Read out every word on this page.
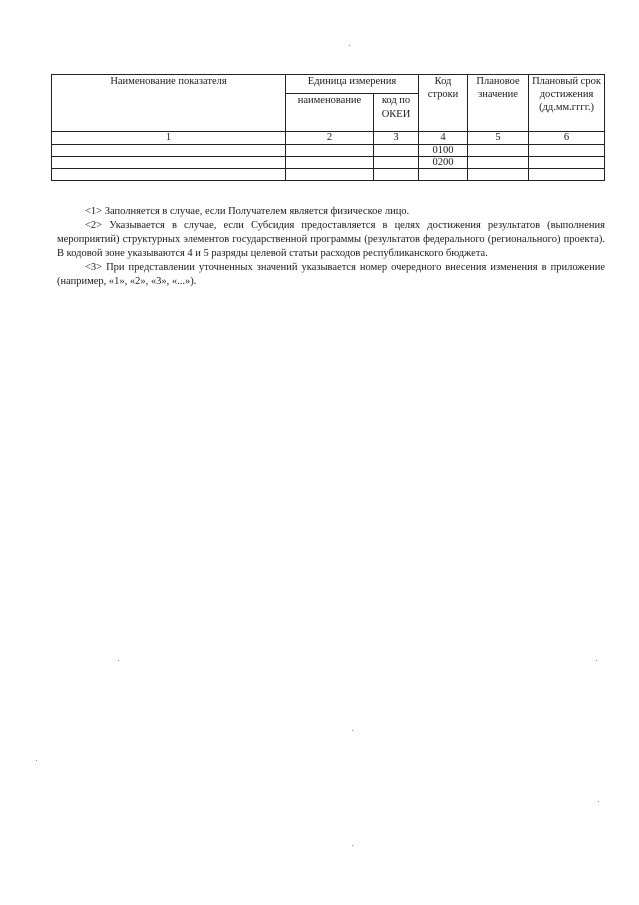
Наименование показателя	Единица измерения		Код строки	Плановое значение	Плановый срок достижения (дд.мм.гггг.)
	наименование	код по ОКЕИ			
1	2	3	4	5	6
			0100		
			0200		

<1> Заполняется в случае, если Получателем является физическое лицо.

<2> Указывается в случае, если Субсидия предоставляется в целях достижения результатов (выполнения мероприятий) структурных элементов государственной программы (результатов федерального (регионального) проекта). В кодовой зоне указываются 4 и 5 разряды целевой статьи расходов республиканского бюджета.

<3> При представлении уточненных значений указывается номер очередного внесения изменения в приложение (например, «1», «2», «3», «...»).
